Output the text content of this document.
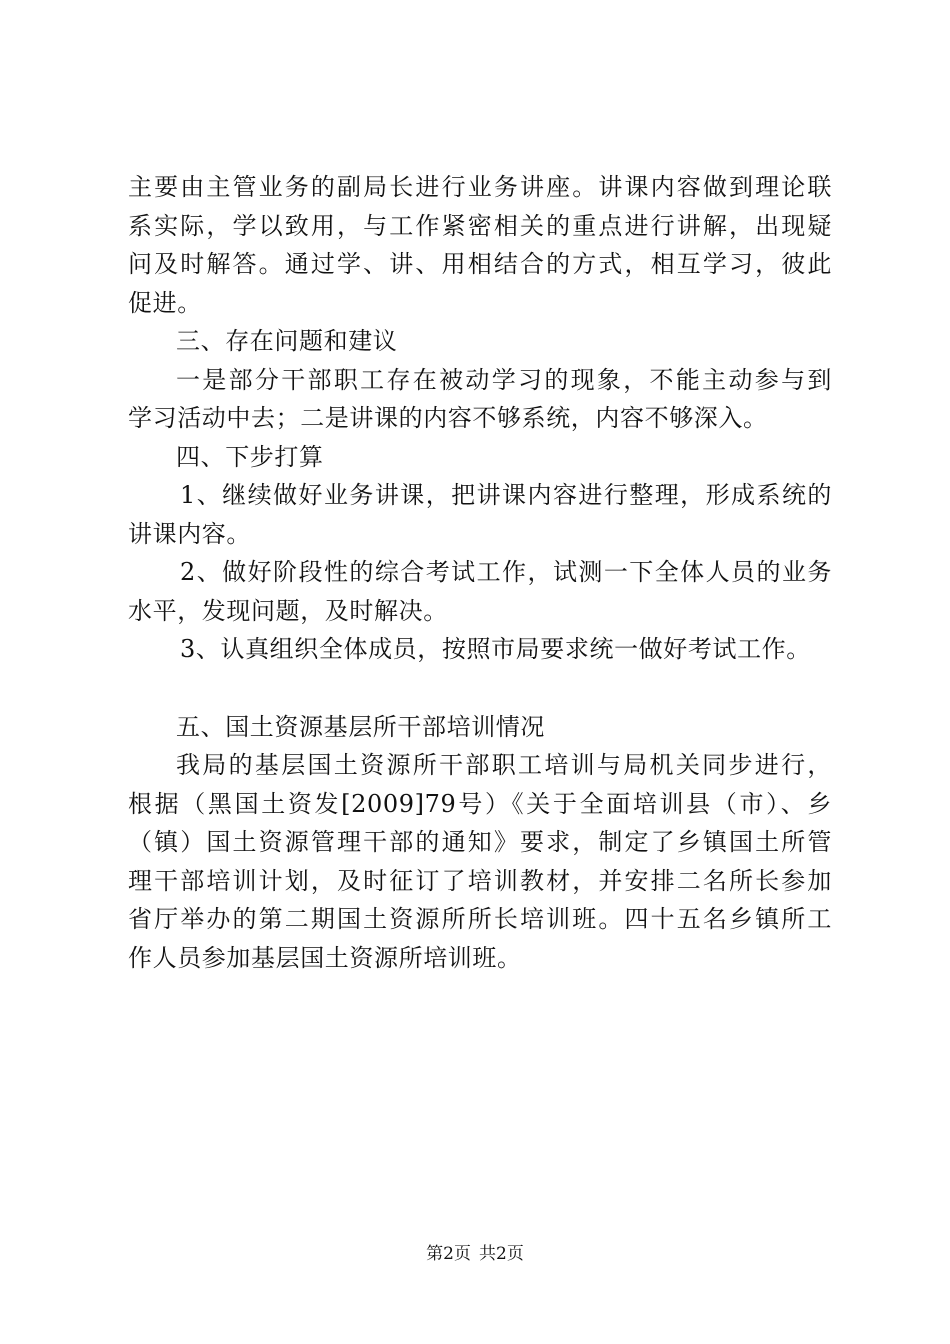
主要由主管业务的副局长进行业务讲座。讲课内容做到理论联
系实际，学以致用，与工作紧密相关的重点进行讲解，出现疑
问及时解答。通过学、讲、用相结合的方式，相互学习，彼此
促进。
三、存在问题和建议
一是部分干部职工存在被动学习的现象，不能主动参与到
学习活动中去；二是讲课的内容不够系统，内容不够深入。
四、下步打算
1、继续做好业务讲课，把讲课内容进行整理，形成系统的
讲课内容。
2、做好阶段性的综合考试工作，试测一下全体人员的业务
水平，发现问题，及时解决。
3、认真组织全体成员，按照市局要求统一做好考试工作。
五、国土资源基层所干部培训情况
我局的基层国土资源所干部职工培训与局机关同步进行，
根据（黑国土资发[2009]79号）《关于全面培训县（市）、乡
（镇）国土资源管理干部的通知》要求，制定了乡镇国土所管
理干部培训计划，及时征订了培训教材，并安排二名所长参加
省厅举办的第二期国土资源所所长培训班。四十五名乡镇所工
作人员参加基层国土资源所培训班。
第2页 共2页
